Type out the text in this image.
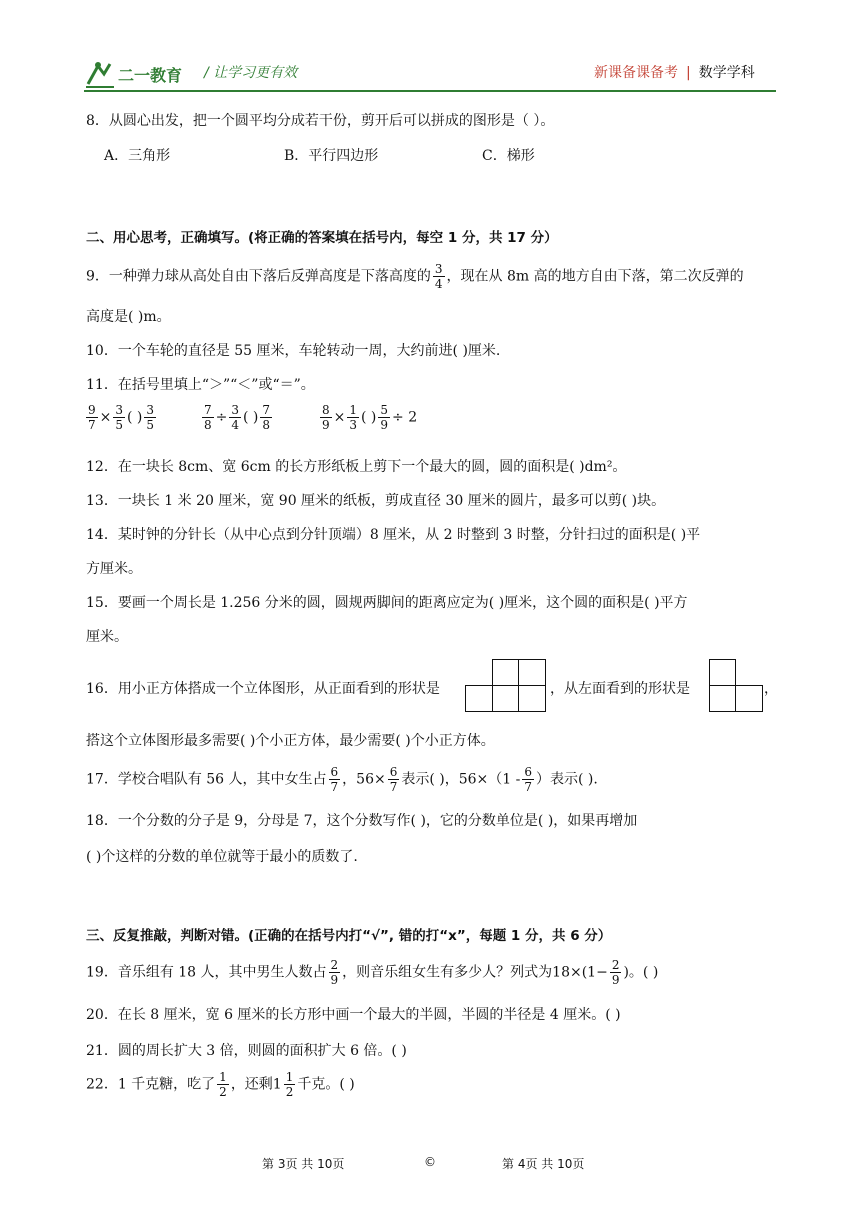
二一教育 / 让学习更有效	新课备课备考 | 数学学科
8．从圆心出发，把一个圆平均分成若干份，剪开后可以拼成的图形是（ ）。
A．三角形	B．平行四边形	C．梯形
二、用心思考，正确填写。(将正确的答案填在括号内，每空 1 分，共 17 分）
9．一种弹力球从高处自由下落后反弹高度是下落高度的 $\frac{3}{4}$ ，现在从 8m 高的地方自由下落，第二次反弹的
高度是( )m。
10．一个车轮的直径是 55 厘米，车轮转动一周，大约前进( )厘米.
11．在括号里填上“＞”“＜”或“＝”。
$\frac{9}{7} \times \frac{3}{5}$ ( ) $\frac{3}{5}$	$\frac{7}{8} \div \frac{3}{4}$ ( ) $\frac{7}{8}$	$\frac{8}{9} \times \frac{1}{3}$ ( ) $\frac{5}{9} \div 2$
12．在一块长 8cm、宽 6cm 的长方形纸板上剪下一个最大的圆，圆的面积是( )dm²。
13．一块长 1 米 20 厘米，宽 90 厘米的纸板，剪成直径 30 厘米的圆片，最多可以剪( )块。
14．某时钟的分针长（从中心点到分针顶端）8 厘米，从 2 时整到 3 时整，分针扫过的面积是( )平
方厘米。
15．要画一个周长是 1.256 分米的圆，圆规两脚间的距离应定为( )厘米，这个圆的面积是( )平方
厘米。
16．用小正方体搭成一个立体图形，从正面看到的形状是	，从左面看到的形状是	，
搭这个立体图形最多需要( )个小正方体，最少需要( )个小正方体。
17．学校合唱队有 56 人，其中女生占 $\frac{6}{7}$ ，$56\times \frac{6}{7}$ 表示( )，$56\times(1 - \frac{6}{7}$ ）表示( ).
18．一个分数的分子是 9，分母是 7，这个分数写作( )，它的分数单位是( )，如果再增加
( )个这样的分数的单位就等于最小的质数了.
三、反复推敲，判断对错。(正确的在括号内打“√”, 错的打“x”，每题 1 分，共 6 分）
19．音乐组有 18 人，其中男生人数占 $\frac{2}{9}$ ，则音乐组女生有多少人？列式为$18\times(1- \frac{2}{9}$ )。( )
20．在长 8 厘米，宽 6 厘米的长方形中画一个最大的半圆，半圆的半径是 4 厘米。( )
21．圆的周长扩大 3 倍，则圆的面积扩大 6 倍。( )
22．1 千克糖，吃了 $\frac{1}{2}$ ，还剩$1 \frac{1}{2}$ 千克。( )
第 3页 共 10页	©	第 4页 共 10页
